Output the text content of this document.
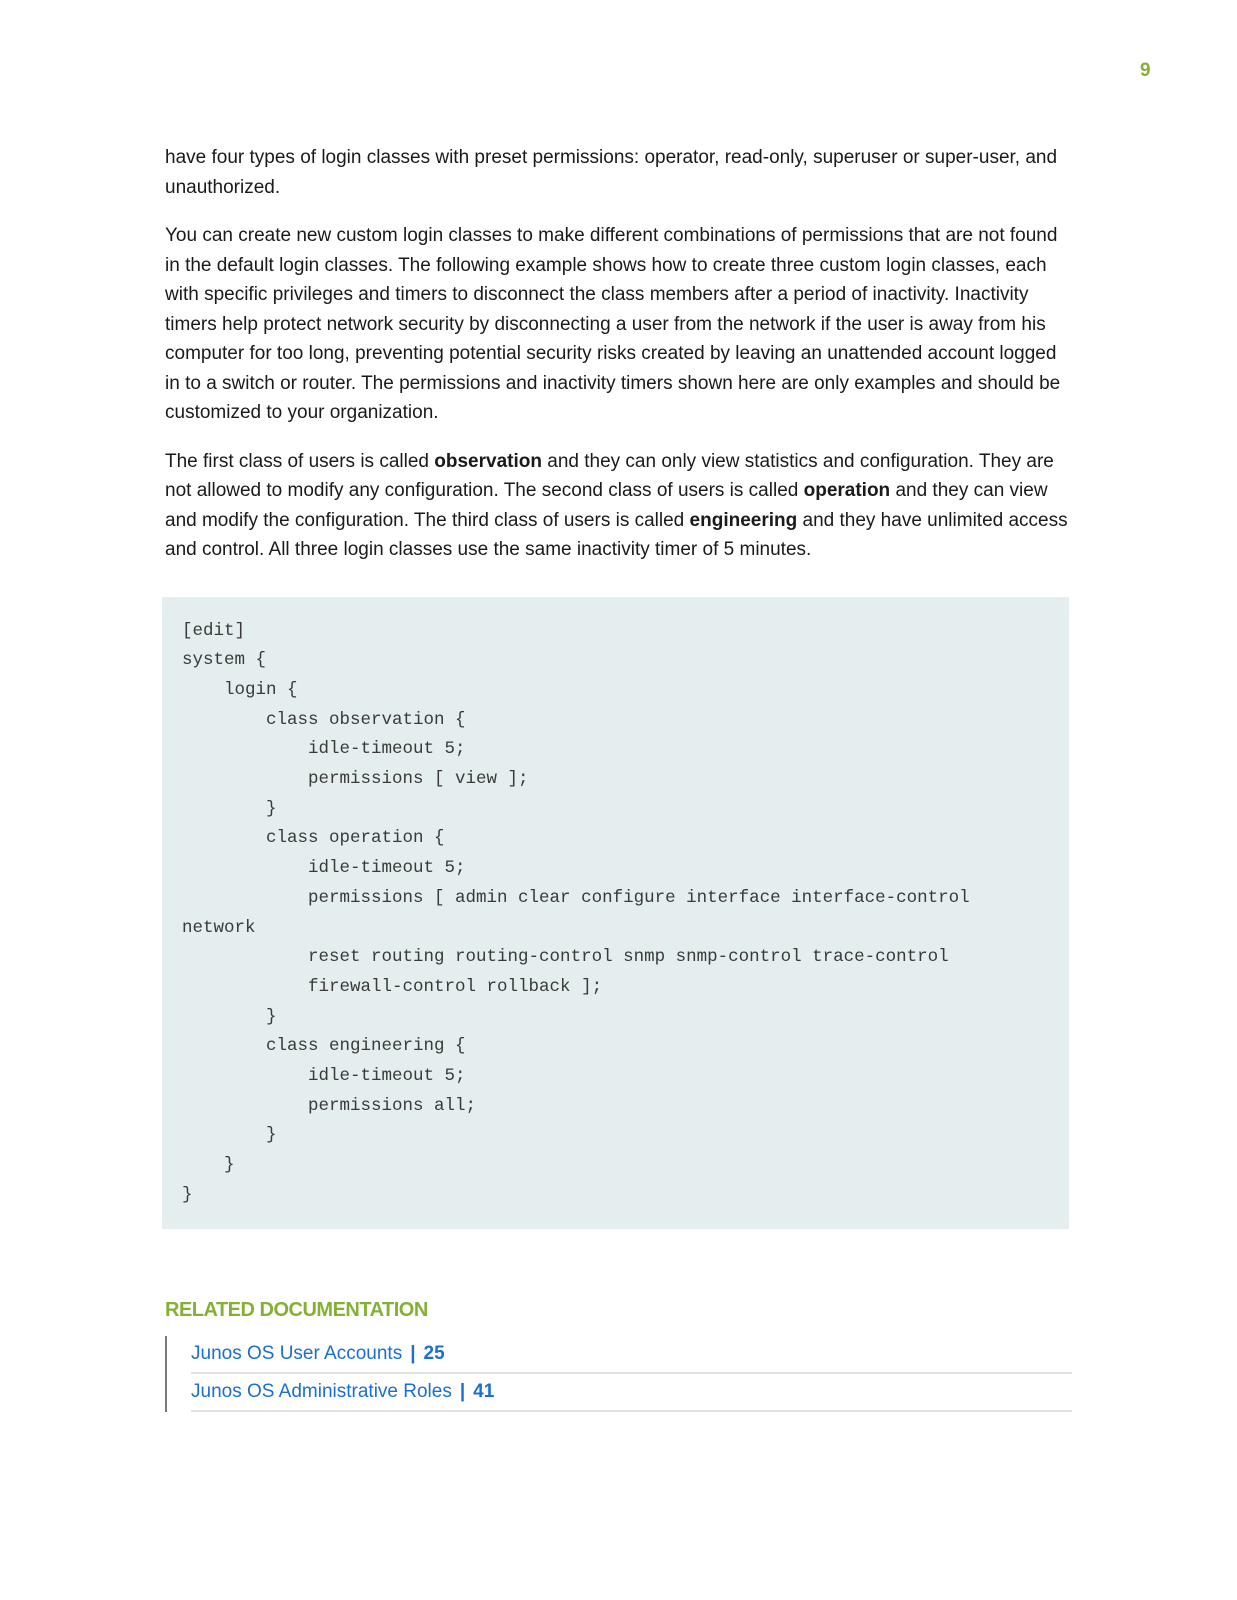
9

have four types of login classes with preset permissions: operator, read-only, superuser or super-user, and unauthorized.

You can create new custom login classes to make different combinations of permissions that are not found in the default login classes. The following example shows how to create three custom login classes, each with specific privileges and timers to disconnect the class members after a period of inactivity. Inactivity timers help protect network security by disconnecting a user from the network if the user is away from his computer for too long, preventing potential security risks created by leaving an unattended account logged in to a switch or router. The permissions and inactivity timers shown here are only examples and should be customized to your organization.

The first class of users is called observation and they can only view statistics and configuration. They are not allowed to modify any configuration. The second class of users is called operation and they can view and modify the configuration. The third class of users is called engineering and they have unlimited access and control. All three login classes use the same inactivity timer of 5 minutes.

[edit]
system {
login {
class observation {
idle-timeout 5;
permissions [ view ];
}
class operation {
idle-timeout 5;
permissions [ admin clear configure interface interface-control
network
reset routing routing-control snmp snmp-control trace-control
firewall-control rollback ];
}
class engineering {
idle-timeout 5;
permissions all;
}
}
}
RELATED DOCUMENTATION
Junos OS User Accounts | 25
Junos OS Administrative Roles | 41
